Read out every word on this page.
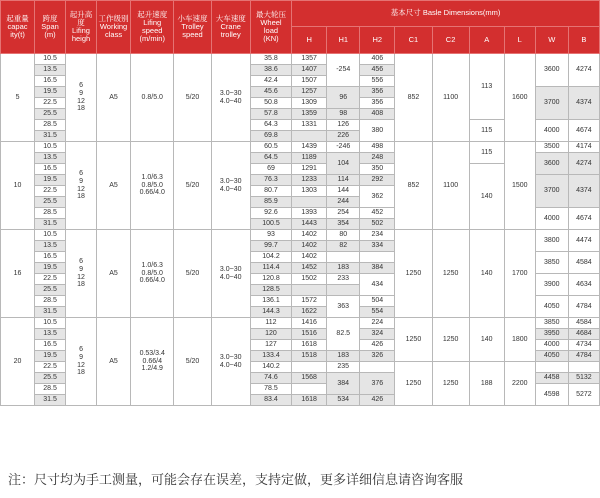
起重量
capac
ity(t)	跨度
Span
(m)	起升高度
Lifing
heigh	工作级别
Working
class	起升速度
Lifing
speed
(m/min)	小车速度
Trolley
speed	大车速度
Crane
trolley	最大轮压
Wheel
load
(KN)	基本尺寸 Basle Dimensions(mm)								
								H	H1	H2	C1	C2	A	L	W	B
5	10.5	6
9
12
18	A5	0.8/5.0	5/20	3.0~30
4.0~40	35.8	1357	-254	406	852	1100	113	1600	3600	4274
	13.5						38.6	1407		456						
	16.5						42.4	1507		556						
	19.5						45.6	1257	96	356					3700	4374
	22.5						50.8	1309		356						
	25.5						57.8	1359	98	408						
	28.5						64.3	1331	126	380			115		4000	4674
	31.5						69.8		226							
10	10.5	6
9
12
18	A5	1.0/6.3
0.8/5.0
0.66/4.0	5/20	3.0~30
4.0~40	60.5	1439	-246	498	852	1100	115	1500	3500	4174
	13.5						64.5	1189	104	248					3600	4274
	16.5						69	1291		350			140			
	19.5						76.3	1233	114	292					3700	4374
	22.5						80.7	1303	144	362						
	25.5						85.9		244							
	28.5						92.6	1393	254	452					4000	4674
	31.5						100.5	1443	354	502						
16	10.5	6
9
12
18	A5	1.0/6.3
0.8/5.0
0.66/4.0	5/20	3.0~30
4.0~40	93	1402	80	234	1250	1250	140	1700	3800	4474
	13.5						99.7	1402	82	334						
	16.5						104.2	1402							3850	4584
	19.5						114.4	1452	183	384						
	22.5						120.8	1502	233	434					3900	4634
	25.5						128.5									
	28.5						136.1	1572	363	504					4050	4784
	31.5						144.3	1622		554						
20	10.5	6
9
12
18	A5	0.53/3.4
0.66/4
1.2/4.9	5/20	3.0~30
4.0~40	112	1416	82.5	224	1250	1250	140	1800	3850	4584
	13.5						120	1516		324					3950	4684
	16.5						127	1618		426					4000	4734
	19.5						133.4	1518	183	326					4050	4784
	22.5						140.2		235		1250	1250	188	2200		
	25.5						74.6	1568	384	376					4458	5132
	28.5						78.5								4598	5272
	31.5						83.4	1618	534	426						
注：尺寸均为手工测量，可能会存在误差，支持定做，更多详细信息请咨询客服
